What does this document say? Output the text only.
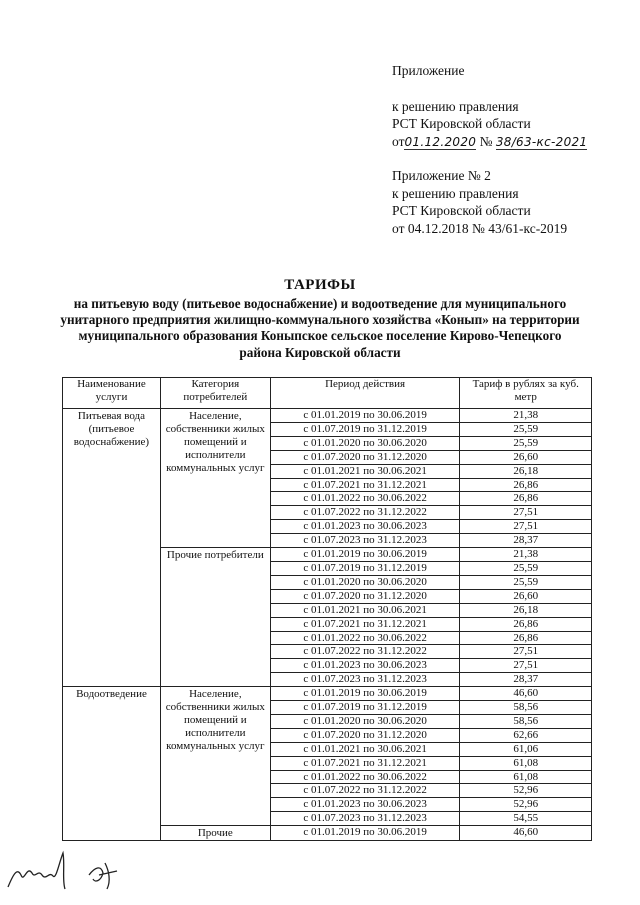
Приложение
к решению правления
РСТ Кировской области
от01.12.2020 № 38/63-кс-2021
Приложение № 2
к решению правления
РСТ Кировской области
от 04.12.2018 № 43/61-кс-2019
ТАРИФЫ
на питьевую воду (питьевое водоснабжение) и водоотведение для муниципального унитарного предприятия жилищно-коммунального хозяйства «Конып» на территории муниципального образования Коныпское сельское поселение Кирово-Чепецкого района Кировской области
Наименование услуги	Категория потребителей	Период действия	Тариф в рублях за куб. метр
Питьевая вода (питьевое водоснабжение)	Население, собственники жилых помещений и исполнители коммунальных услуг	с 01.01.2019 по 30.06.2019	21,38
		с 01.07.2019 по 31.12.2019	25,59
		с 01.01.2020 по 30.06.2020	25,59
		с 01.07.2020 по 31.12.2020	26,60
		с 01.01.2021 по 30.06.2021	26,18
		с 01.07.2021 по 31.12.2021	26,86
		с 01.01.2022 по 30.06.2022	26,86
		с 01.07.2022 по 31.12.2022	27,51
		с 01.01.2023 по 30.06.2023	27,51
		с 01.07.2023 по 31.12.2023	28,37
	Прочие потребители	с 01.01.2019 по 30.06.2019	21,38
		с 01.07.2019 по 31.12.2019	25,59
		с 01.01.2020 по 30.06.2020	25,59
		с 01.07.2020 по 31.12.2020	26,60
		с 01.01.2021 по 30.06.2021	26,18
		с 01.07.2021 по 31.12.2021	26,86
		с 01.01.2022 по 30.06.2022	26,86
		с 01.07.2022 по 31.12.2022	27,51
		с 01.01.2023 по 30.06.2023	27,51
		с 01.07.2023 по 31.12.2023	28,37
Водоотведение	Население, собственники жилых помещений и исполнители коммунальных услуг	с 01.01.2019 по 30.06.2019	46,60
		с 01.07.2019 по 31.12.2019	58,56
		с 01.01.2020 по 30.06.2020	58,56
		с 01.07.2020 по 31.12.2020	62,66
		с 01.01.2021 по 30.06.2021	61,06
		с 01.07.2021 по 31.12.2021	61,08
		с 01.01.2022 по 30.06.2022	61,08
		с 01.07.2022 по 31.12.2022	52,96
		с 01.01.2023 по 30.06.2023	52,96
		с 01.07.2023 по 31.12.2023	54,55
	Прочие	с 01.01.2019 по 30.06.2019	46,60
